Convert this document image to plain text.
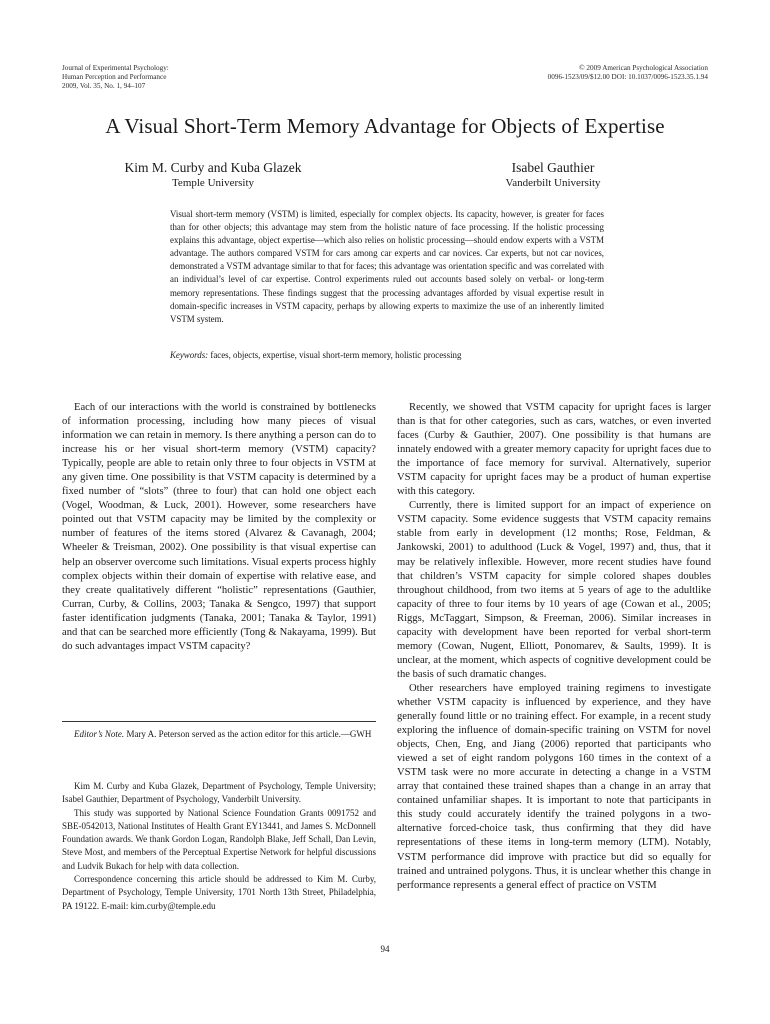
Journal of Experimental Psychology:
Human Perception and Performance
2009, Vol. 35, No. 1, 94–107
© 2009 American Psychological Association
0096-1523/09/$12.00 DOI: 10.1037/0096-1523.35.1.94
A Visual Short-Term Memory Advantage for Objects of Expertise
Kim M. Curby and Kuba Glazek
Temple University
Isabel Gauthier
Vanderbilt University
Visual short-term memory (VSTM) is limited, especially for complex objects. Its capacity, however, is greater for faces than for other objects; this advantage may stem from the holistic nature of face processing. If the holistic processing explains this advantage, object expertise—which also relies on holistic processing—should endow experts with a VSTM advantage. The authors compared VSTM for cars among car experts and car novices. Car experts, but not car novices, demonstrated a VSTM advantage similar to that for faces; this advantage was orientation specific and was correlated with an individual’s level of car expertise. Control experiments ruled out accounts based solely on verbal- or long-term memory representations. These findings suggest that the processing advantages afforded by visual expertise result in domain-specific increases in VSTM capacity, perhaps by allowing experts to maximize the use of an inherently limited VSTM system.
Keywords: faces, objects, expertise, visual short-term memory, holistic processing

Each of our interactions with the world is constrained by bottlenecks of information processing, including how many pieces of visual information we can retain in memory. Is there anything a person can do to increase his or her visual short-term memory (VSTM) capacity? Typically, people are able to retain only three to four objects in VSTM at any given time. One possibility is that VSTM capacity is determined by a fixed number of “slots” (three to four) that can hold one object each (Vogel, Woodman, & Luck, 2001). However, some researchers have pointed out that VSTM capacity may be limited by the complexity or number of features of the items stored (Alvarez & Cavanagh, 2004; Wheeler & Treisman, 2002). One possibility is that visual expertise can help an observer overcome such limitations. Visual experts process highly complex objects within their domain of expertise with relative ease, and they create qualitatively different “holistic” representations (Gauthier, Curran, Curby, & Collins, 2003; Tanaka & Sengco, 1997) that support faster identification judgments (Tanaka, 2001; Tanaka & Taylor, 1991) and that can be searched more efficiently (Tong & Nakayama, 1999). But do such advantages impact VSTM capacity?

Editor’s Note. Mary A. Peterson served as the action editor for this article.—GWH

Kim M. Curby and Kuba Glazek, Department of Psychology, Temple University; Isabel Gauthier, Department of Psychology, Vanderbilt University.

This study was supported by National Science Foundation Grants 0091752 and SBE-0542013, National Institutes of Health Grant EY13441, and James S. McDonnell Foundation awards. We thank Gordon Logan, Randolph Blake, Jeff Schall, Dan Levin, Steve Most, and members of the Perceptual Expertise Network for helpful discussions and Ludvik Bukach for help with data collection.

Correspondence concerning this article should be addressed to Kim M. Curby, Department of Psychology, Temple University, 1701 North 13th Street, Philadelphia, PA 19122. E-mail: kim.curby@temple.edu

Recently, we showed that VSTM capacity for upright faces is larger than is that for other categories, such as cars, watches, or even inverted faces (Curby & Gauthier, 2007). One possibility is that humans are innately endowed with a greater memory capacity for upright faces due to the importance of face memory for survival. Alternatively, superior VSTM capacity for upright faces may be a product of human expertise with this category.

Currently, there is limited support for an impact of experience on VSTM capacity. Some evidence suggests that VSTM capacity remains stable from early in development (12 months; Rose, Feldman, & Jankowski, 2001) to adulthood (Luck & Vogel, 1997) and, thus, that it may be relatively inflexible. However, more recent studies have found that children’s VSTM capacity for simple colored shapes doubles throughout childhood, from two items at 5 years of age to the adultlike capacity of three to four items by 10 years of age (Cowan et al., 2005; Riggs, McTaggart, Simpson, & Freeman, 2006). Similar increases in capacity with development have been reported for verbal short-term memory (Cowan, Nugent, Elliott, Ponomarev, & Saults, 1999). It is unclear, at the moment, which aspects of cognitive development could be the basis of such dramatic changes.

Other researchers have employed training regimens to investigate whether VSTM capacity is influenced by experience, and they have generally found little or no training effect. For example, in a recent study exploring the influence of domain-specific training on VSTM for novel objects, Chen, Eng, and Jiang (2006) reported that participants who viewed a set of eight random polygons 160 times in the context of a VSTM task were no more accurate in detecting a change in a VSTM array that contained these trained shapes than a change in an array that contained unfamiliar shapes. It is important to note that participants in this study could accurately identify the trained polygons in a two-alternative forced-choice task, thus confirming that they did have representations of these items in long-term memory (LTM). Notably, VSTM performance did improve with practice but did so equally for trained and untrained polygons. Thus, it is unclear whether this change in performance represents a general effect of practice on VSTM

94
